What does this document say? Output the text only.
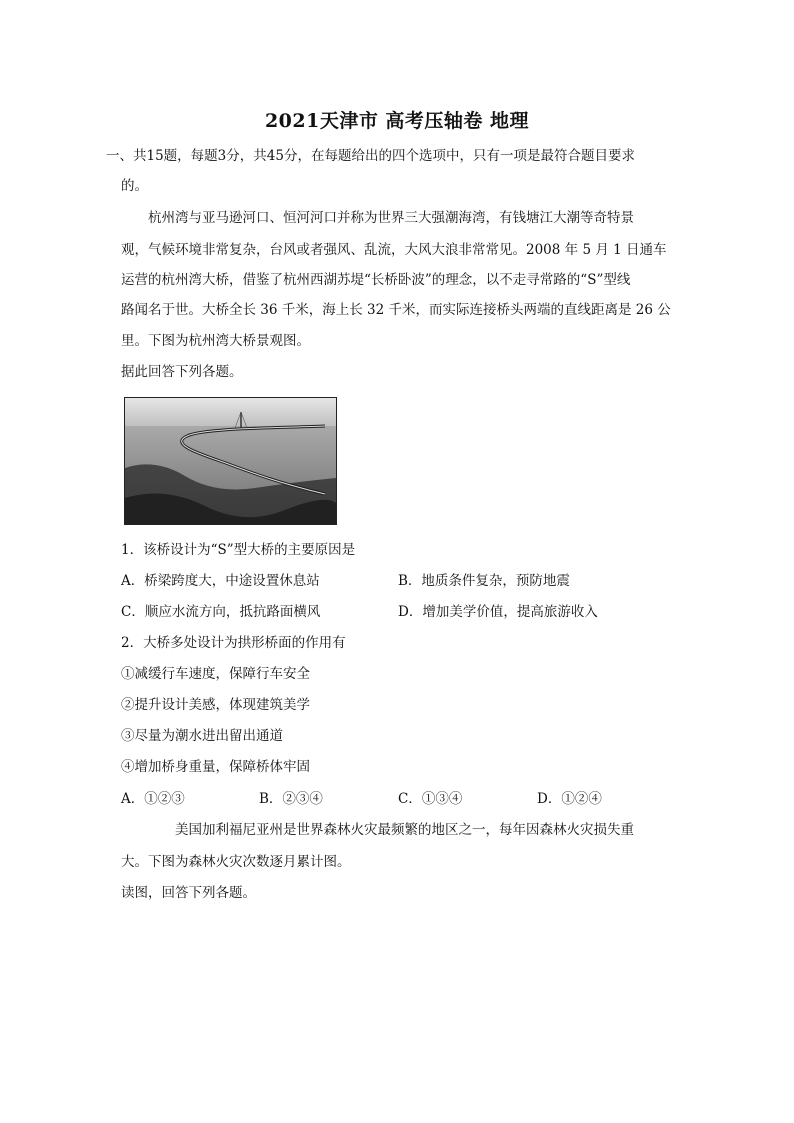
2021天津市 高考压轴卷 地理
一、共15题，每题3分，共45分，在每题给出的四个选项中，只有一项是最符合题目要求
的。
杭州湾与亚马逊河口、恒河河口并称为世界三大强潮海湾，有钱塘江大潮等奇特景
观，气候环境非常复杂，台风或者强风、乱流，大风大浪非常常见。2008 年 5 月 1 日通车
运营的杭州湾大桥，借鉴了杭州西湖苏堤“长桥卧波”的理念，以不走寻常路的“S”型线
路闻名于世。大桥全长 36 千米，海上长 32 千米，而实际连接桥头两端的直线距离是 26 公
里。下图为杭州湾大桥景观图。
据此回答下列各题。
1．该桥设计为“S”型大桥的主要原因是
A．桥梁跨度大，中途设置休息站	B．地质条件复杂，预防地震
C．顺应水流方向，抵抗路面横风	D．增加美学价值，提高旅游收入
2．大桥多处设计为拱形桥面的作用有
①减缓行车速度，保障行车安全
②提升设计美感，体现建筑美学
③尽量为潮水进出留出通道
④增加桥身重量，保障桥体牢固
A．①②③	B．②③④	C．①③④	D．①②④
美国加利福尼亚州是世界森林火灾最频繁的地区之一，每年因森林火灾损失重
大。下图为森林火灾次数逐月累计图。
读图，回答下列各题。
